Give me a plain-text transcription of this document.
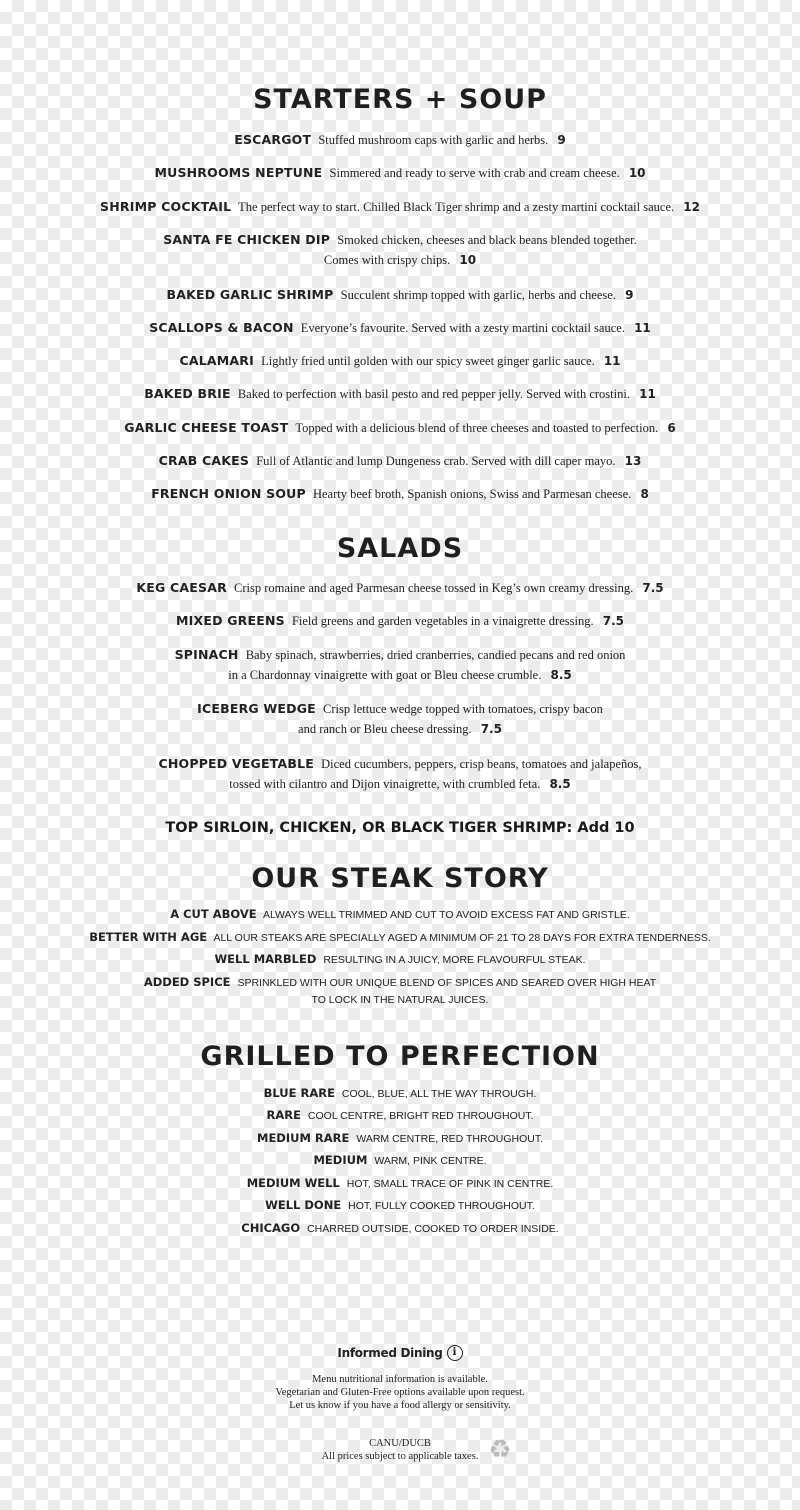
STARTERS + SOUP
ESCARGOT Stuffed mushroom caps with garlic and herbs. 9
MUSHROOMS NEPTUNE Simmered and ready to serve with crab and cream cheese. 10
SHRIMP COCKTAIL The perfect way to start. Chilled Black Tiger shrimp and a zesty martini cocktail sauce. 12
SANTA FE CHICKEN DIP Smoked chicken, cheeses and black beans blended together.
Comes with crispy chips. 10
BAKED GARLIC SHRIMP Succulent shrimp topped with garlic, herbs and cheese. 9
SCALLOPS & BACON Everyone’s favourite. Served with a zesty martini cocktail sauce. 11
CALAMARI Lightly fried until golden with our spicy sweet ginger garlic sauce. 11
BAKED BRIE Baked to perfection with basil pesto and red pepper jelly. Served with crostini. 11
GARLIC CHEESE TOAST Topped with a delicious blend of three cheeses and toasted to perfection. 6
CRAB CAKES Full of Atlantic and lump Dungeness crab. Served with dill caper mayo. 13
FRENCH ONION SOUP Hearty beef broth, Spanish onions, Swiss and Parmesan cheese. 8
SALADS
KEG CAESAR Crisp romaine and aged Parmesan cheese tossed in Keg’s own creamy dressing. 7.5
MIXED GREENS Field greens and garden vegetables in a vinaigrette dressing. 7.5
SPINACH Baby spinach, strawberries, dried cranberries, candied pecans and red onion
in a Chardonnay vinaigrette with goat or Bleu cheese crumble. 8.5
ICEBERG WEDGE Crisp lettuce wedge topped with tomatoes, crispy bacon
and ranch or Bleu cheese dressing. 7.5
CHOPPED VEGETABLE Diced cucumbers, peppers, crisp beans, tomatoes and jalapeños,
tossed with cilantro and Dijon vinaigrette, with crumbled feta. 8.5
TOP SIRLOIN, CHICKEN, OR BLACK TIGER SHRIMP: Add 10
OUR STEAK STORY
A CUT ABOVE ALWAYS WELL TRIMMED AND CUT TO AVOID EXCESS FAT AND GRISTLE.
BETTER WITH AGE ALL OUR STEAKS ARE SPECIALLY AGED A MINIMUM OF 21 TO 28 DAYS FOR EXTRA TENDERNESS.
WELL MARBLED RESULTING IN A JUICY, MORE FLAVOURFUL STEAK.
ADDED SPICE SPRINKLED WITH OUR UNIQUE BLEND OF SPICES AND SEARED OVER HIGH HEAT
TO LOCK IN THE NATURAL JUICES.
GRILLED TO PERFECTION
BLUE RARE COOL, BLUE, ALL THE WAY THROUGH.
RARE COOL CENTRE, BRIGHT RED THROUGHOUT.
MEDIUM RARE WARM CENTRE, RED THROUGHOUT.
MEDIUM WARM, PINK CENTRE.
MEDIUM WELL HOT, SMALL TRACE OF PINK IN CENTRE.
WELL DONE HOT, FULLY COOKED THROUGHOUT.
CHICAGO CHARRED OUTSIDE, COOKED TO ORDER INSIDE.
Informed Dining i
Menu nutritional information is available.
Vegetarian and Gluten-Free options available upon request.
Let us know if you have a food allergy or sensitivity.
CANU/DUCB
All prices subject to applicable taxes. ♻
